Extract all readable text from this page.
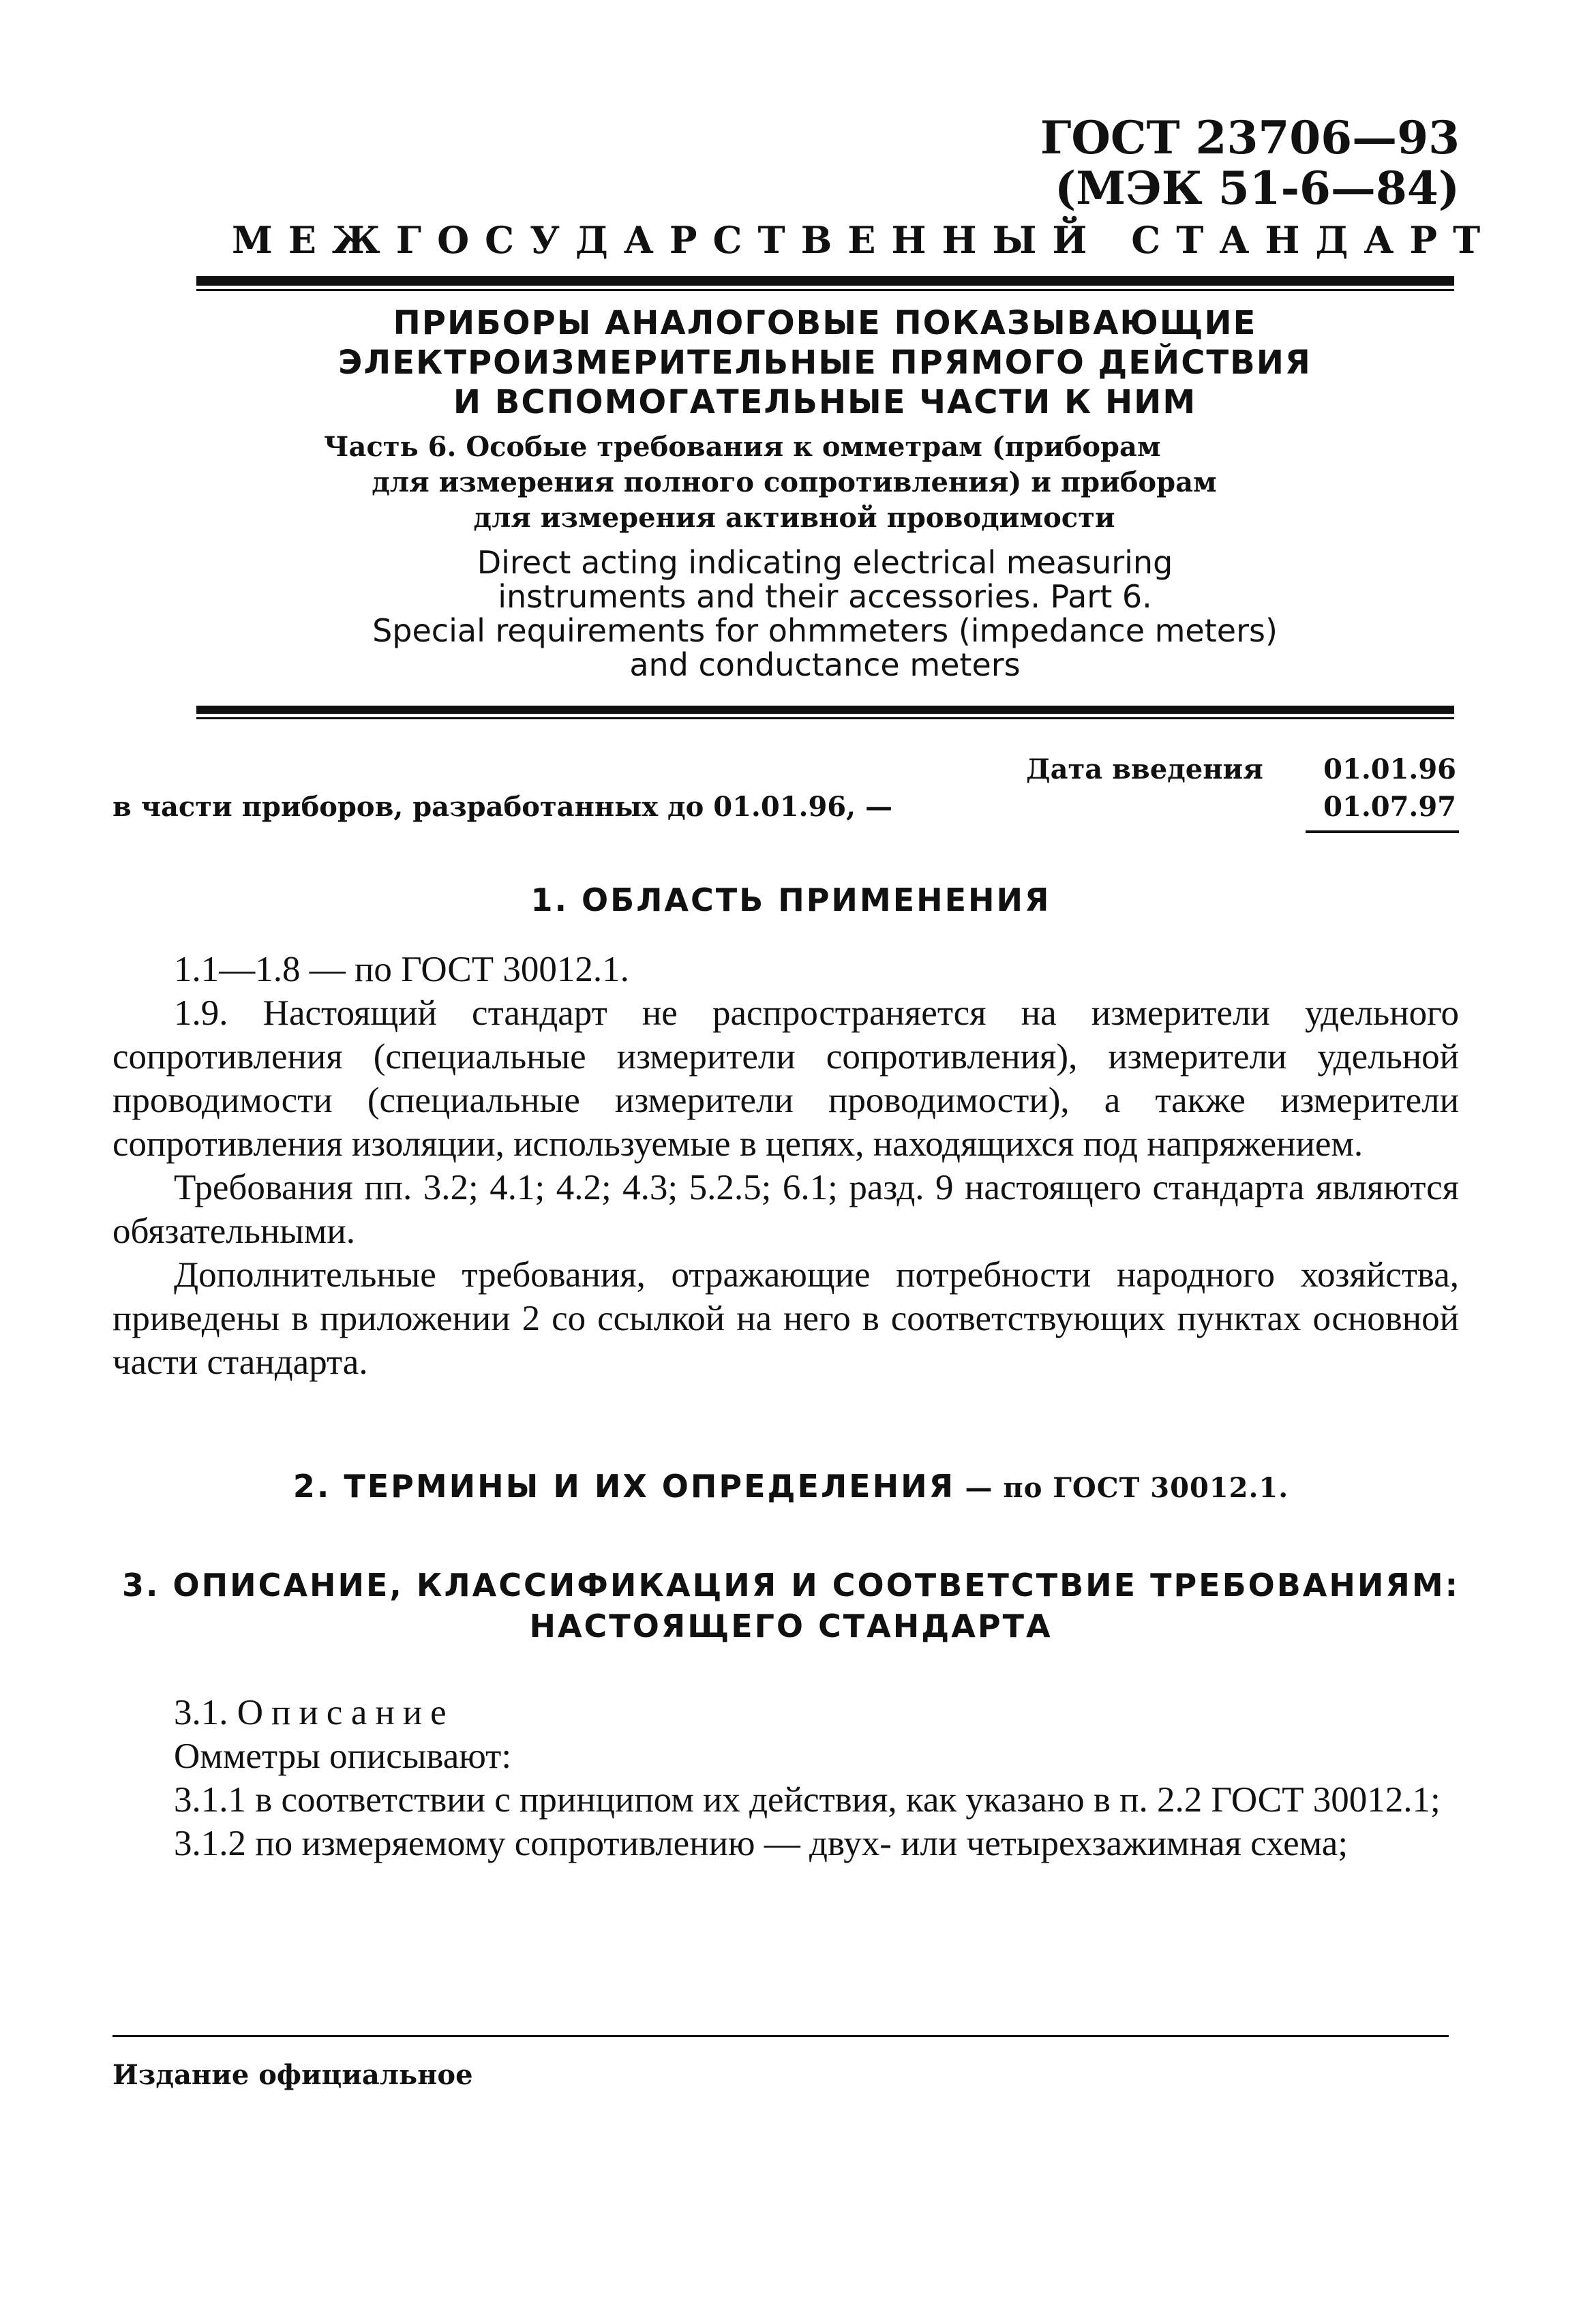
ГОСТ 23706—93
(МЭК 51-6—84)
МЕЖГОСУДАРСТВЕННЫЙ СТАНДАРТ
ПРИБОРЫ АНАЛОГОВЫЕ ПОКАЗЫВАЮЩИЕ
ЭЛЕКТРОИЗМЕРИТЕЛЬНЫЕ ПРЯМОГО ДЕЙСТВИЯ
И ВСПОМОГАТЕЛЬНЫЕ ЧАСТИ К НИМ
Часть 6. Особые требования к омметрам (приборам
для измерения полного сопротивления) и приборам
для измерения активной проводимости
Direct acting indicating electrical measuring
instruments and their accessories. Part 6.
Special requirements for ohmmeters (impedance meters)
and conductance meters
Дата введения 01.01.96
в части приборов, разработанных до 01.01.96, —	01.07.97
1. ОБЛАСТЬ ПРИМЕНЕНИЯ

1.1—1.8 — по ГОСТ 30012.1.

1.9. Настоящий стандарт не распространяется на измерители удельного сопротивления (специальные измерители сопротивления), измерители удельной проводимости (специальные измерители проводимости), а также измерители сопротивления изоляции, используемые в цепях, находящихся под напряжением.

Требования пп. 3.2; 4.1; 4.2; 4.3; 5.2.5; 6.1; разд. 9 настоящего стандарта являются обязательными.

Дополнительные требования, отражающие потребности народного хозяйства, приведены в приложении 2 со ссылкой на него в соответствующих пунктах основной части стандарта.

2. ТЕРМИНЫ И ИХ ОПРЕДЕЛЕНИЯ — по ГОСТ 30012.1.
3. ОПИСАНИЕ, КЛАССИФИКАЦИЯ И СООТВЕТСТВИЕ ТРЕБОВАНИЯМ:
НАСТОЯЩЕГО СТАНДАРТА

3.1. Описание

Омметры описывают:

3.1.1 в соответствии с принципом их действия, как указано в п. 2.2 ГОСТ 30012.1;

3.1.2 по измеряемому сопротивлению — двух- или четырехзажимная схема;

Издание официальное
